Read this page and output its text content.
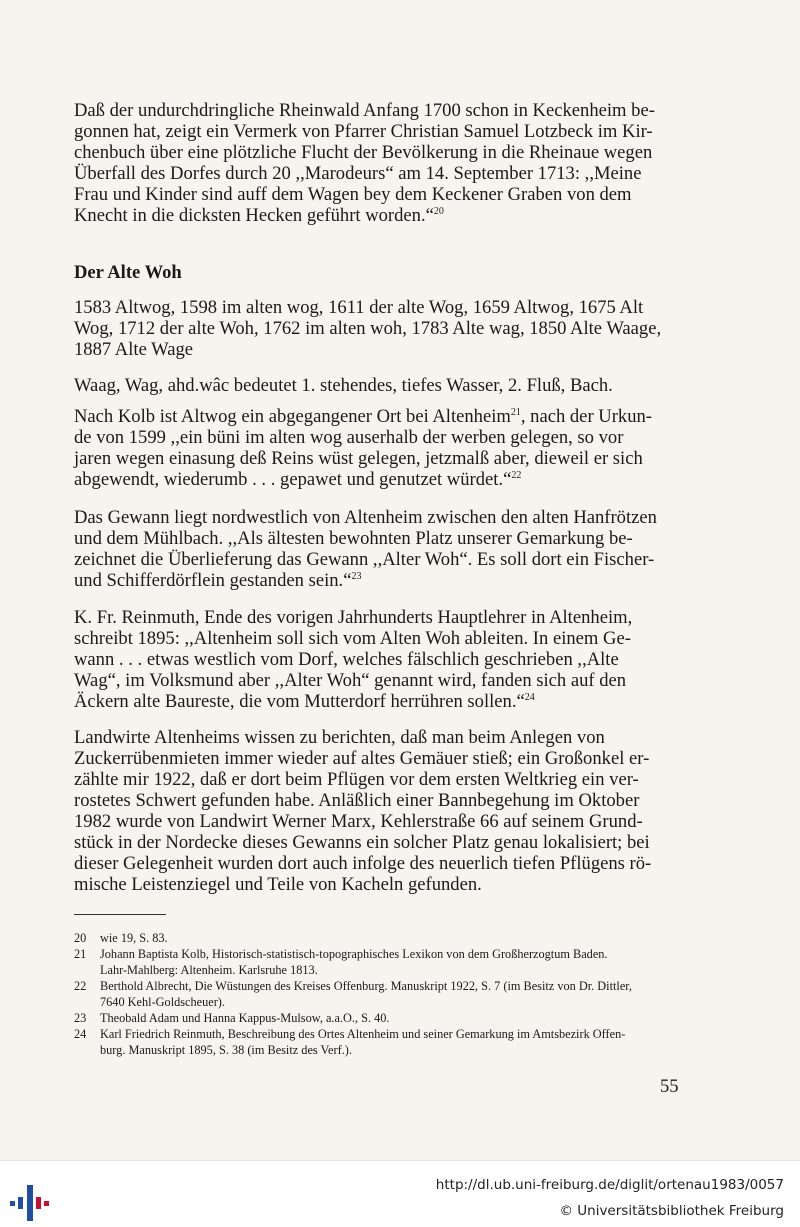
Daß der undurchdringliche Rheinwald Anfang 1700 schon in Keckenheim be-
gonnen hat, zeigt ein Vermerk von Pfarrer Christian Samuel Lotzbeck im Kir-
chenbuch über eine plötzliche Flucht der Bevölkerung in die Rheinaue wegen
Überfall des Dorfes durch 20 ,,Marodeurs“ am 14. September 1713: ,,Meine
Frau und Kinder sind auff dem Wagen bey dem Keckener Graben von dem
Knecht in die dicksten Hecken geführt worden.“$^{20}$
Der Alte Woh
1583 Altwog, 1598 im alten wog, 1611 der alte Wog, 1659 Altwog, 1675 Alt
Wog, 1712 der alte Woh, 1762 im alten woh, 1783 Alte wag, 1850 Alte Waage,
1887 Alte Wage
Waag, Wag, ahd.wâc bedeutet 1. stehendes, tiefes Wasser, 2. Fluß, Bach.
Nach Kolb ist Altwog ein abgegangener Ort bei Altenheim$^{21}$, nach der Urkun-
de von 1599 ,,ein büni im alten wog auserhalb der werben gelegen, so vor
jaren wegen einasung deß Reins wüst gelegen, jetzmalß aber, dieweil er sich
abgewendt, wiederumb . . . gepawet und genutzet würdet.“$^{22}$
Das Gewann liegt nordwestlich von Altenheim zwischen den alten Hanfrötzen
und dem Mühlbach. ,,Als ältesten bewohnten Platz unserer Gemarkung be-
zeichnet die Überlieferung das Gewann ,,Alter Woh“. Es soll dort ein Fischer-
und Schifferdörflein gestanden sein.“$^{23}$
K. Fr. Reinmuth, Ende des vorigen Jahrhunderts Hauptlehrer in Altenheim,
schreibt 1895: ,,Altenheim soll sich vom Alten Woh ableiten. In einem Ge-
wann . . . etwas westlich vom Dorf, welches fälschlich geschrieben ,,Alte
Wag“, im Volksmund aber ,,Alter Woh“ genannt wird, fanden sich auf den
Äckern alte Baureste, die vom Mutterdorf herrühren sollen.“$^{24}$
Landwirte Altenheims wissen zu berichten, daß man beim Anlegen von
Zuckerrübenmieten immer wieder auf altes Gemäuer stieß; ein Großonkel er-
zählte mir 1922, daß er dort beim Pflügen vor dem ersten Weltkrieg ein ver-
rostetes Schwert gefunden habe. Anläßlich einer Bannbegehung im Oktober
1982 wurde von Landwirt Werner Marx, Kehlerstraße 66 auf seinem Grund-
stück in der Nordecke dieses Gewanns ein solcher Platz genau lokalisiert; bei
dieser Gelegenheit wurden dort auch infolge des neuerlich tiefen Pflügens rö-
mische Leistenziegel und Teile von Kacheln gefunden.
20	wie 19, S. 83.
21	Johann Baptista Kolb, Historisch-statistisch-topographisches Lexikon von dem Großherzogtum Baden.
Lahr-Mahlberg: Altenheim. Karlsruhe 1813.
22	Berthold Albrecht, Die Wüstungen des Kreises Offenburg. Manuskript 1922, S. 7 (im Besitz von Dr. Dittler,
7640 Kehl-Goldscheuer).
23	Theobald Adam und Hanna Kappus-Mulsow, a.a.O., S. 40.
24	Karl Friedrich Reinmuth, Beschreibung des Ortes Altenheim und seiner Gemarkung im Amtsbezirk Offen-
burg. Manuskript 1895, S. 38 (im Besitz des Verf.).
55
http://dl.ub.uni-freiburg.de/diglit/ortenau1983/0057
© Universitätsbibliothek Freiburg
